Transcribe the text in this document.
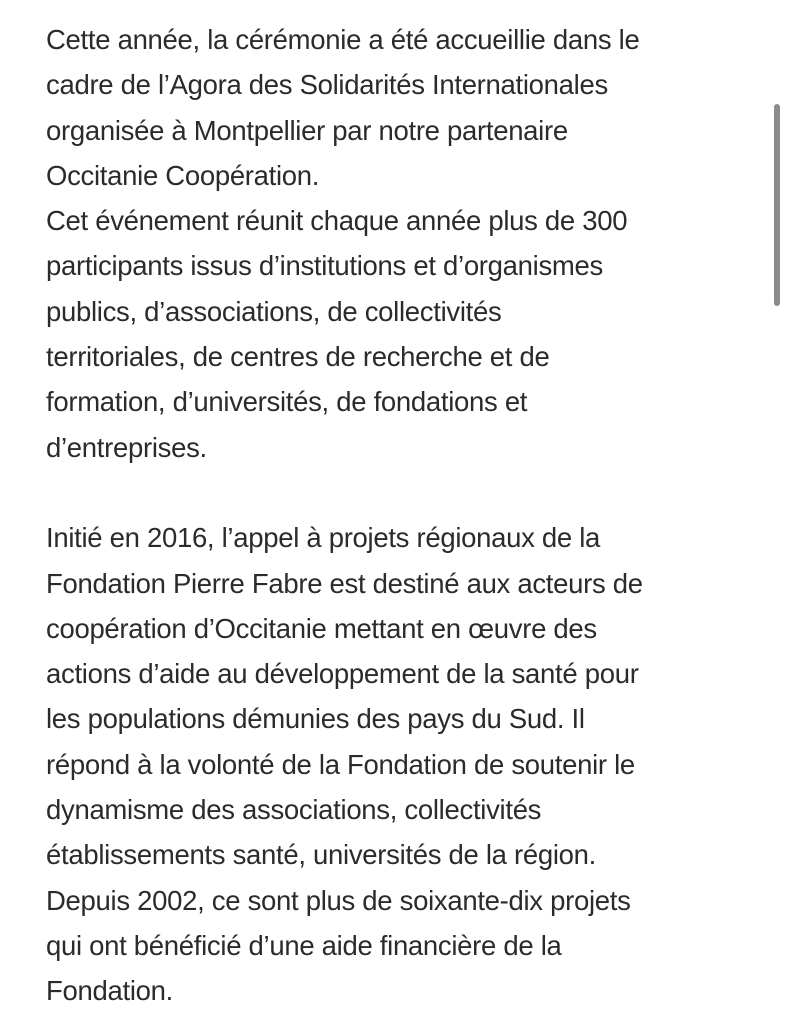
Cette année, la cérémonie a été accueillie dans le
cadre de l’Agora des Solidarités Internationales
organisée à Montpellier par notre partenaire
Occitanie Coopération.
Cet événement réunit chaque année plus de 300
participants issus d’institutions et d’organismes
publics, d’associations, de collectivités
territoriales, de centres de recherche et de
formation, d’universités, de fondations et
d’entreprises.
Initié en 2016, l’appel à projets régionaux de la
Fondation Pierre Fabre est destiné aux acteurs de
coopération d’Occitanie mettant en œuvre des
actions d’aide au développement de la santé pour
les populations démunies des pays du Sud. Il
répond à la volonté de la Fondation de soutenir le
dynamisme des associations, collectivités
établissements santé, universités de la région.
Depuis 2002, ce sont plus de soixante-dix projets
qui ont bénéficié d’une aide financière de la
Fondation.
